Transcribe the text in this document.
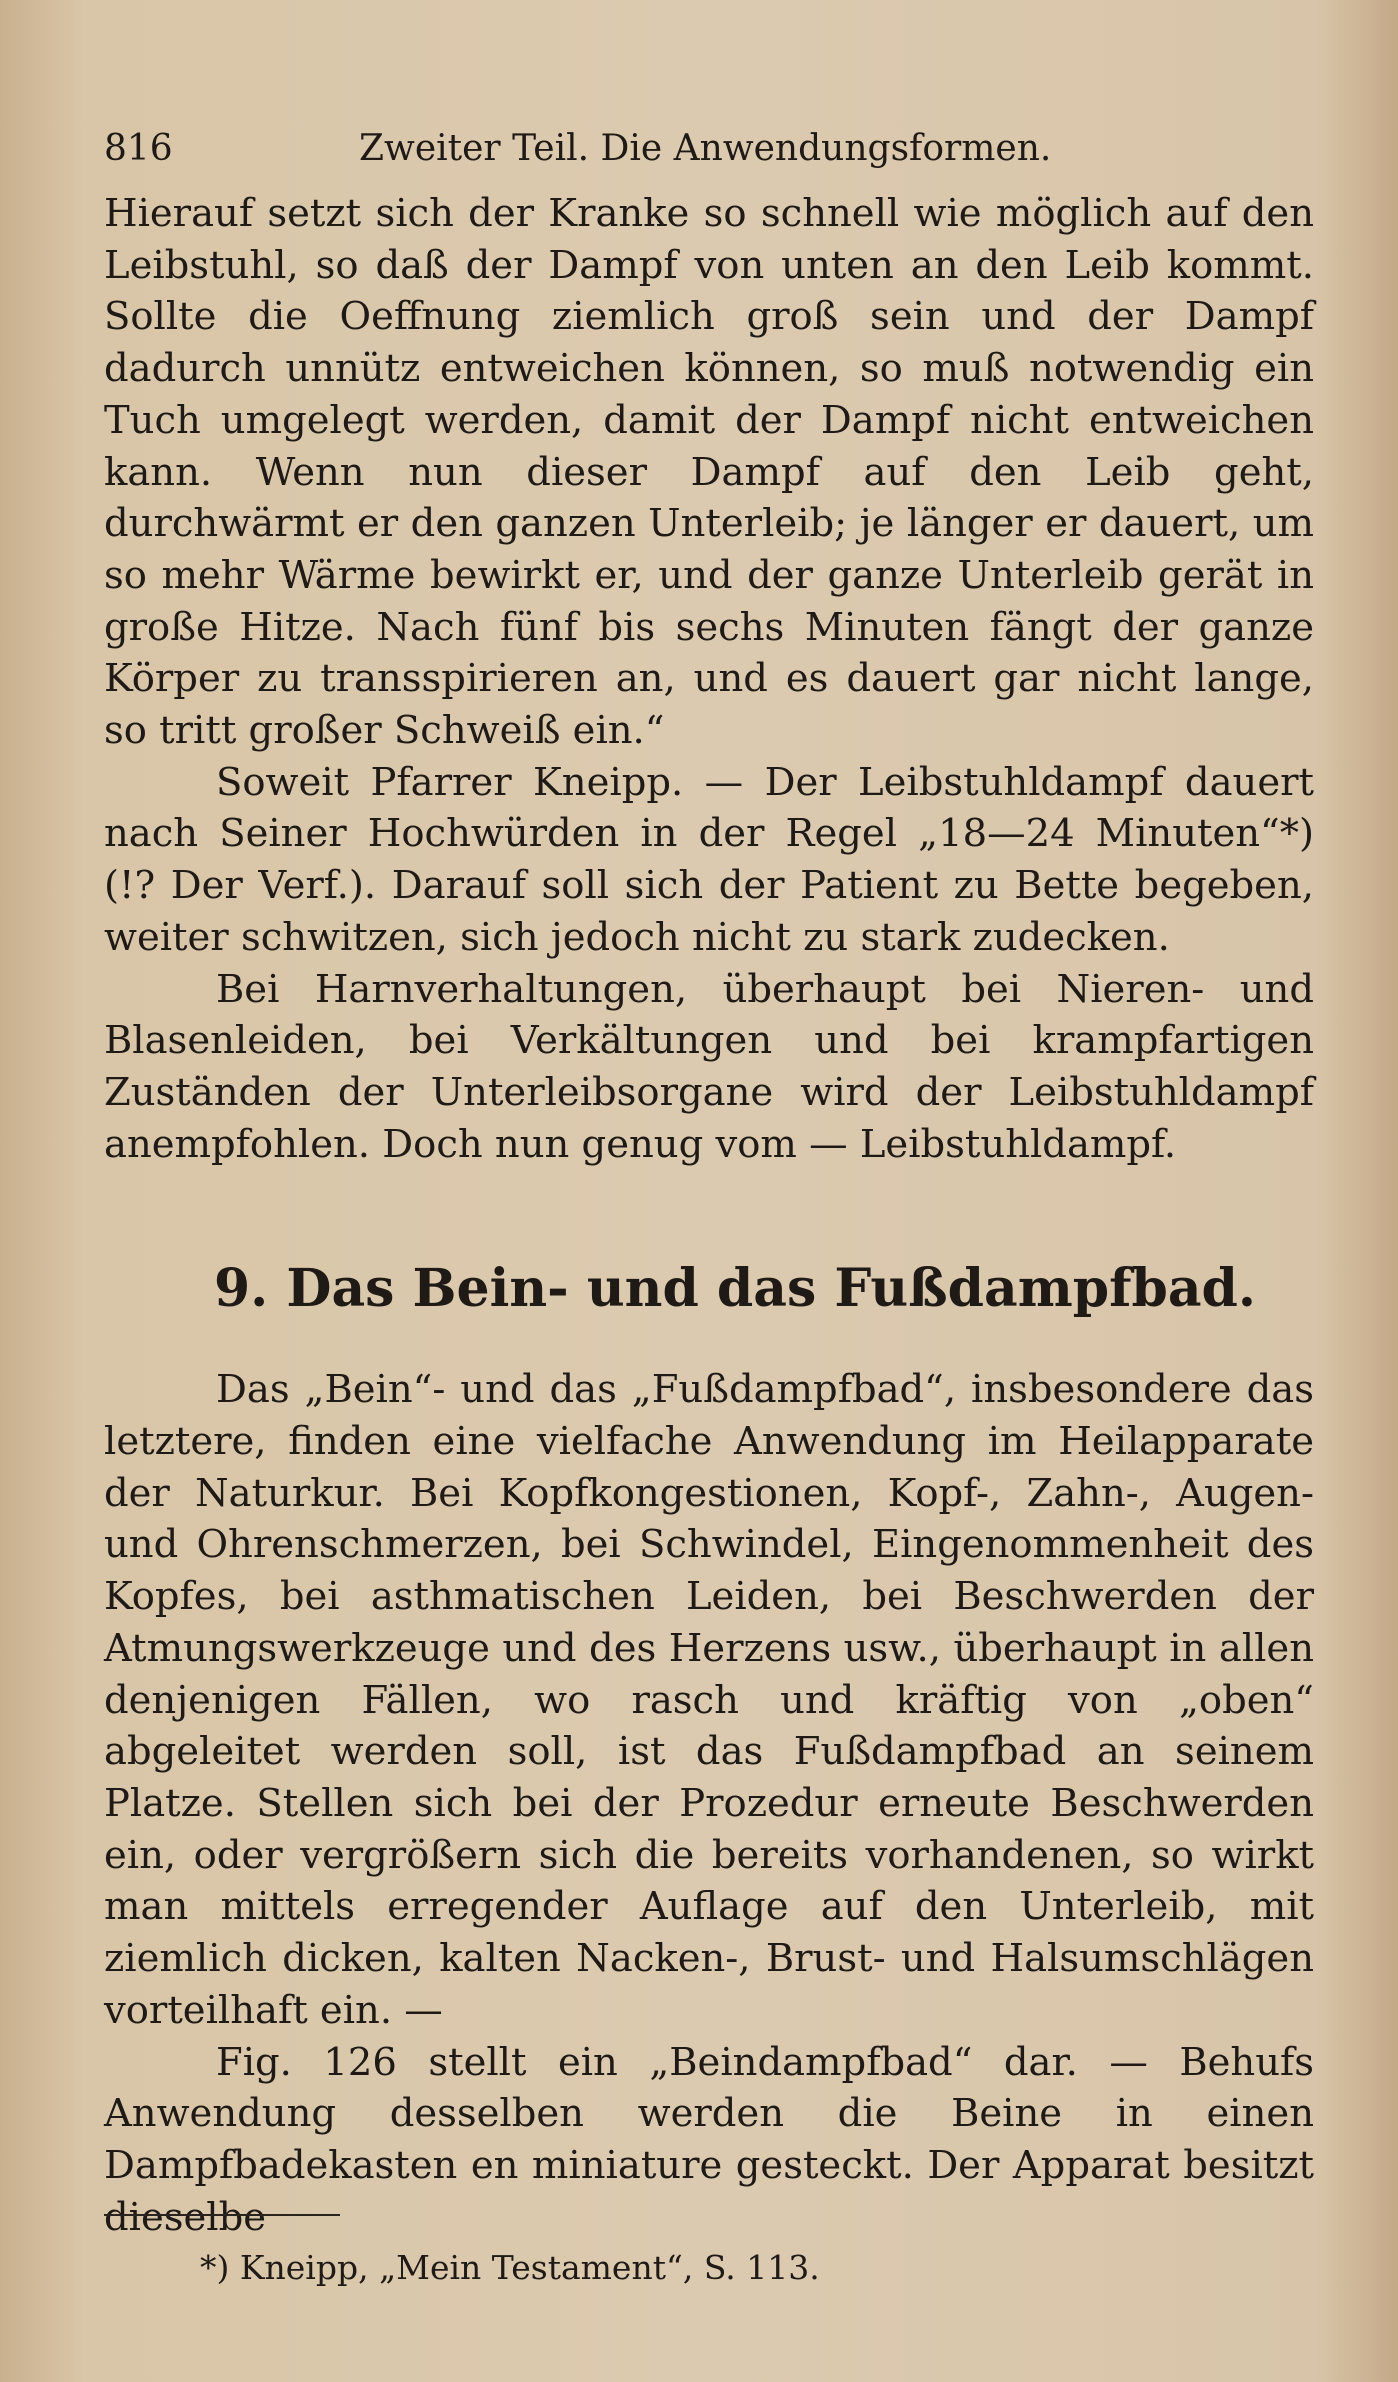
816	Zweiter Teil. Die Anwendungsformen.

Hierauf setzt sich der Kranke so schnell wie möglich auf den Leibstuhl, so daß der Dampf von unten an den Leib kommt. Sollte die Oeffnung ziemlich groß sein und der Dampf dadurch unnütz entweichen können, so muß notwendig ein Tuch umgelegt werden, damit der Dampf nicht entweichen kann. Wenn nun dieser Dampf auf den Leib geht, durchwärmt er den ganzen Unterleib; je länger er dauert, um so mehr Wärme bewirkt er, und der ganze Unterleib gerät in große Hitze. Nach fünf bis sechs Minuten fängt der ganze Körper zu transspirieren an, und es dauert gar nicht lange, so tritt großer Schweiß ein.“

Soweit Pfarrer Kneipp. — Der Leibstuhldampf dauert nach Seiner Hochwürden in der Regel „18—24 Minuten“*) (!? Der Verf.). Darauf soll sich der Patient zu Bette begeben, weiter schwitzen, sich jedoch nicht zu stark zudecken.

Bei Harnverhaltungen, überhaupt bei Nieren- und Blasenleiden, bei Verkältungen und bei krampfartigen Zuständen der Unterleibsorgane wird der Leibstuhldampf anempfohlen. Doch nun genug vom — Leibstuhldampf.

9. Das Bein- und das Fußdampfbad.

Das „Bein“- und das „Fußdampfbad“, insbesondere das letztere, finden eine vielfache Anwendung im Heilapparate der Naturkur. Bei Kopfkongestionen, Kopf-, Zahn-, Augen- und Ohrenschmerzen, bei Schwindel, Eingenommenheit des Kopfes, bei asthmatischen Leiden, bei Beschwerden der Atmungswerkzeuge und des Herzens usw., überhaupt in allen denjenigen Fällen, wo rasch und kräftig von „oben“ abgeleitet werden soll, ist das Fußdampfbad an seinem Platze. Stellen sich bei der Prozedur erneute Beschwerden ein, oder vergrößern sich die bereits vorhandenen, so wirkt man mittels erregender Auflage auf den Unterleib, mit ziemlich dicken, kalten Nacken-, Brust- und Halsumschlägen vorteilhaft ein. —

Fig. 126 stellt ein „Beindampfbad“ dar. — Behufs Anwendung desselben werden die Beine in einen Dampfbadekasten en miniature gesteckt. Der Apparat besitzt dieselbe

*) Kneipp, „Mein Testament“, S. 113.
